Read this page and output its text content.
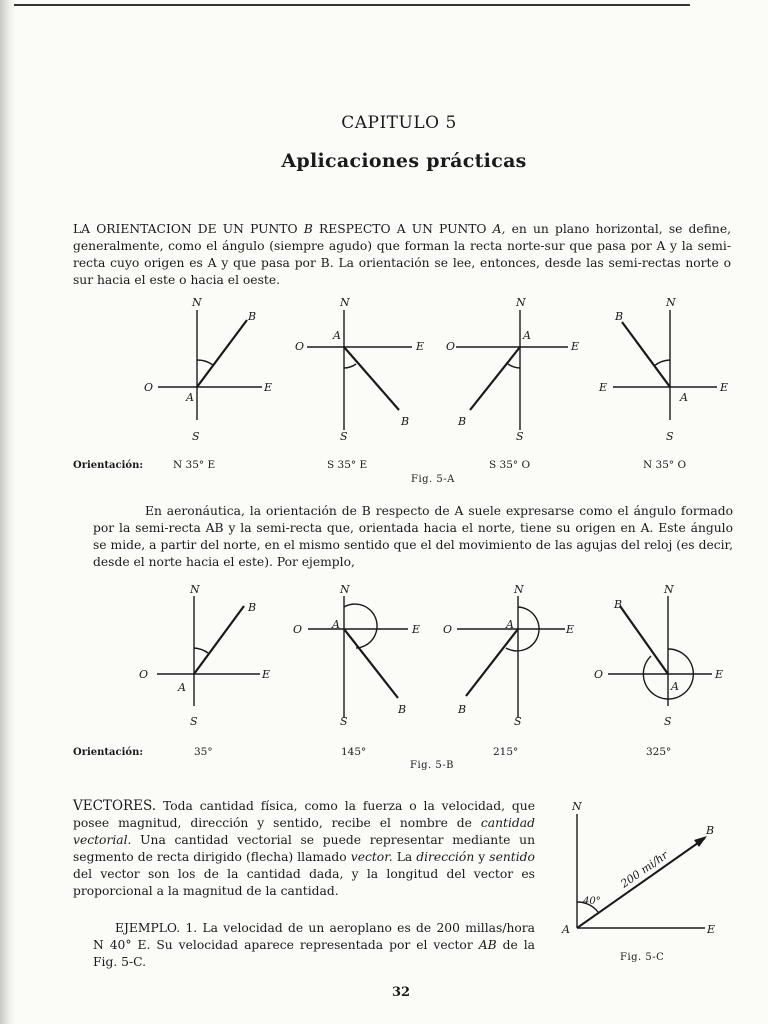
CAPITULO 5
Aplicaciones prácticas
LA ORIENTACION DE UN PUNTO B RESPECTO A UN PUNTO A, en un plano horizontal, se define, generalmente, como el ángulo (siempre agudo) que forman la recta norte-sur que pasa por A y la semi-recta cuyo origen es A y que pasa por B. La orientación se lee, entonces, desde las semi-rectas norte o sur hacia el este o hacia el oeste.
N
S
O	E
A
B
N
S
O	E
A
B
N
S
O	E
A
B
N
S
E	E
A
B
Orientación:	N 35° E	S 35° E	S 35° O	N 35° O
Fig. 5-A
En aeronáutica, la orientación de B respecto de A suele expresarse como el ángulo formado por la semi-recta AB y la semi-recta que, orientada hacia el norte, tiene su origen en A. Este ángulo se mide, a partir del norte, en el mismo sentido que el del movimiento de las agujas del reloj (es decir, desde el norte hacia el este). Por ejemplo,
N
S
O	E
A
B
N
S
O	E
A
B
N
S
O	E
A
B
N
S
O	E
A
B
Orientación:	35°	145°	215°	325°
Fig. 5-B
VECTORES. Toda cantidad física, como la fuerza o la velocidad, que posee magnitud, dirección y sentido, recibe el nombre de cantidad vectorial. Una cantidad vectorial se puede representar mediante un segmento de recta dirigido (flecha) llamado vector. La dirección y sentido del vector son los de la cantidad dada, y la longitud del vector es proporcional a la magnitud de la cantidad.
EJEMPLO. 1. La velocidad de un aeroplano es de 200 millas/hora N 40° E. Su velocidad aparece representada por el vector AB de la Fig. 5-C.
N
A	E
B
40°
200 mi/hr
Fig. 5-C
32
